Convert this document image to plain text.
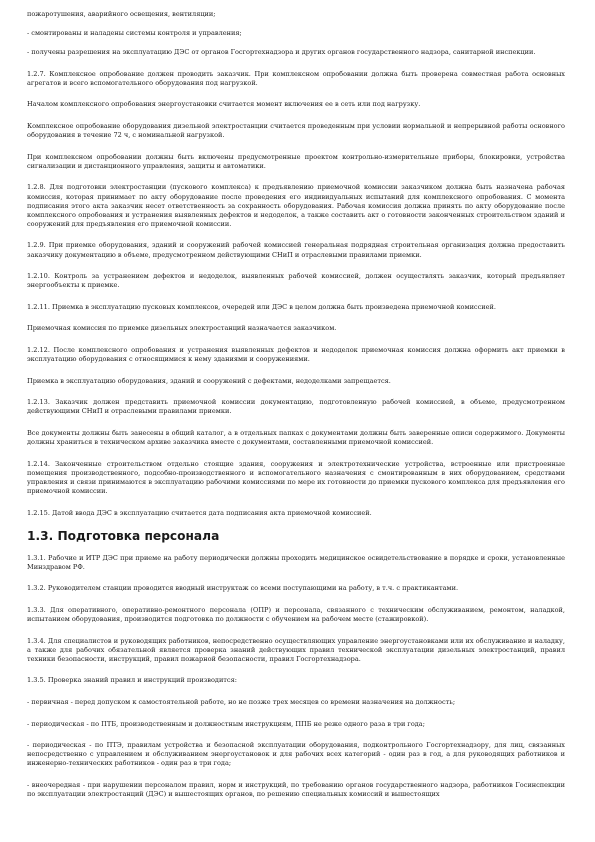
пожаротушения, аварийного освещения, вентиляции;

- смонтированы и наладены системы контроля и управления;

- получены разрешения на эксплуатацию ДЭС от органов Госгортехнадзора и других органов государственного надзора, санитарной инспекции.

1.2.7. Комплексное опробование должен проводить заказчик. При комплексном опробовании должна быть проверена совместная работа основных агрегатов и всего вспомогательного оборудования под нагрузкой.

Началом комплексного опробования энергоустановки считается момент включения ее в сеть или под нагрузку.

Комплексное опробование оборудования дизельной электростанции считается проведенным при условии нормальной и непрерывной работы основного оборудования в течение 72 ч, с номинальной нагрузкой.

При комплексном опробовании должны быть включены предусмотренные проектом контрольно-измерительные приборы, блокировки, устройства сигнализации и дистанционного управления, защиты и автоматики.

1.2.8. Для подготовки электростанции (пускового комплекса) к предъявлению приемочной комиссии заказчиком должна быть назначена рабочая комиссия, которая принимает по акту оборудование после проведения его индивидуальных испытаний для комплексного опробования. С момента подписания этого акта заказчик несет ответственность за сохранность оборудования. Рабочая комиссия должна принять по акту оборудование после комплексного опробования и устранения выявленных дефектов и недоделок, а также составить акт о готовности законченных строительством зданий и сооружений для предъявления его приемочной комиссии.

1.2.9. При приемке оборудования, зданий и сооружений рабочей комиссией генеральная подрядная строительная организация должна предоставить заказчику документацию в объеме, предусмотренном действующими СНиП и отраслевыми правилами приемки.

1.2.10. Контроль за устранением дефектов и недоделок, выявленных рабочей комиссией, должен осуществлять заказчик, который предъявляет энергообъекты к приемке.

1.2.11. Приемка в эксплуатацию пусковых комплексов, очередей или ДЭС в целом должна быть произведена приемочной комиссией.

Приемочная комиссия по приемке дизельных электростанций назначается заказчиком.

1.2.12. После комплексного опробования и устранения выявленных дефектов и недоделок приемочная комиссия должна оформить акт приемки в эксплуатацию оборудования с относящимися к нему зданиями и сооружениями.

Приемка в эксплуатацию оборудования, зданий и сооружений с дефектами, недоделками запрещается.

1.2.13. Заказчик должен представить приемочной комиссии документацию, подготовленную рабочей комиссией, в объеме, предусмотренном действующими СНиП и отраслевыми правилами приемки.

Все документы должны быть занесены в общий каталог, а в отдельных папках с документами должны быть заверенные описи содержимого. Документы должны храниться в техническом архиве заказчика вместе с документами, составленными приемочной комиссией.

1.2.14. Законченные строительством отдельно стоящие здания, сооружения и электротехнические устройства, встроенные или пристроенные помещения производственного, подсобно-производственного и вспомогательного назначения с смонтированным в них оборудованием, средствами управления и связи принимаются в эксплуатацию рабочими комиссиями по мере их готовности до приемки пускового комплекса для предъявления его приемочной комиссии.

1.2.15. Датой ввода ДЭС в эксплуатацию считается дата подписания акта приемочной комиссией.

1.3. Подготовка персонала

1.3.1. Рабочие и ИТР ДЭС при приеме на работу периодически должны проходить медицинское освидетельствование в порядке и сроки, установленные Минздравом РФ.

1.3.2. Руководителем станции проводится вводный инструктаж со всеми поступающими на работу, в т.ч. с практикантами.

1.3.3. Для оперативного, оперативно-ремонтного персонала (ОПР) и персонала, связанного с техническим обслуживанием, ремонтом, наладкой, испытанием оборудования, производится подготовка по должности с обучением на рабочем месте (стажировкой).

1.3.4. Для специалистов и руководящих работников, непосредственно осуществляющих управление энергоустановками или их обслуживание и наладку, а также для рабочих обязательной является проверка знаний действующих правил технической эксплуатации дизельных электростанций, правил техники безопасности, инструкций, правил пожарной безопасности, правил Госгортехнадзора.

1.3.5. Проверка знаний правил и инструкций производится:

- первичная - перед допуском к самостоятельной работе, но не позже трех месяцев со времени назначения на должность;

- периодическая - по ПТБ, производственным и должностным инструкциям, ППБ не реже одного раза в три года;

- периодическая - по ПТЭ, правилам устройства и безопасной эксплуатации оборудования, подконтрольного Госгортехнадзору, для лиц, связанных непосредственно с управлением и обслуживанием энергоустановок и для рабочих всех категорий - один раз в год, а для руководящих работников и инженерно-технических работников - один раз в три года;

- внеочередная - при нарушении персоналом правил, норм и инструкций, по требованию органов государственного надзора, работников Госинспекции по эксплуатации электростанций (ДЭС) и вышестоящих органов, по решению специальных комиссий и вышестоящих
